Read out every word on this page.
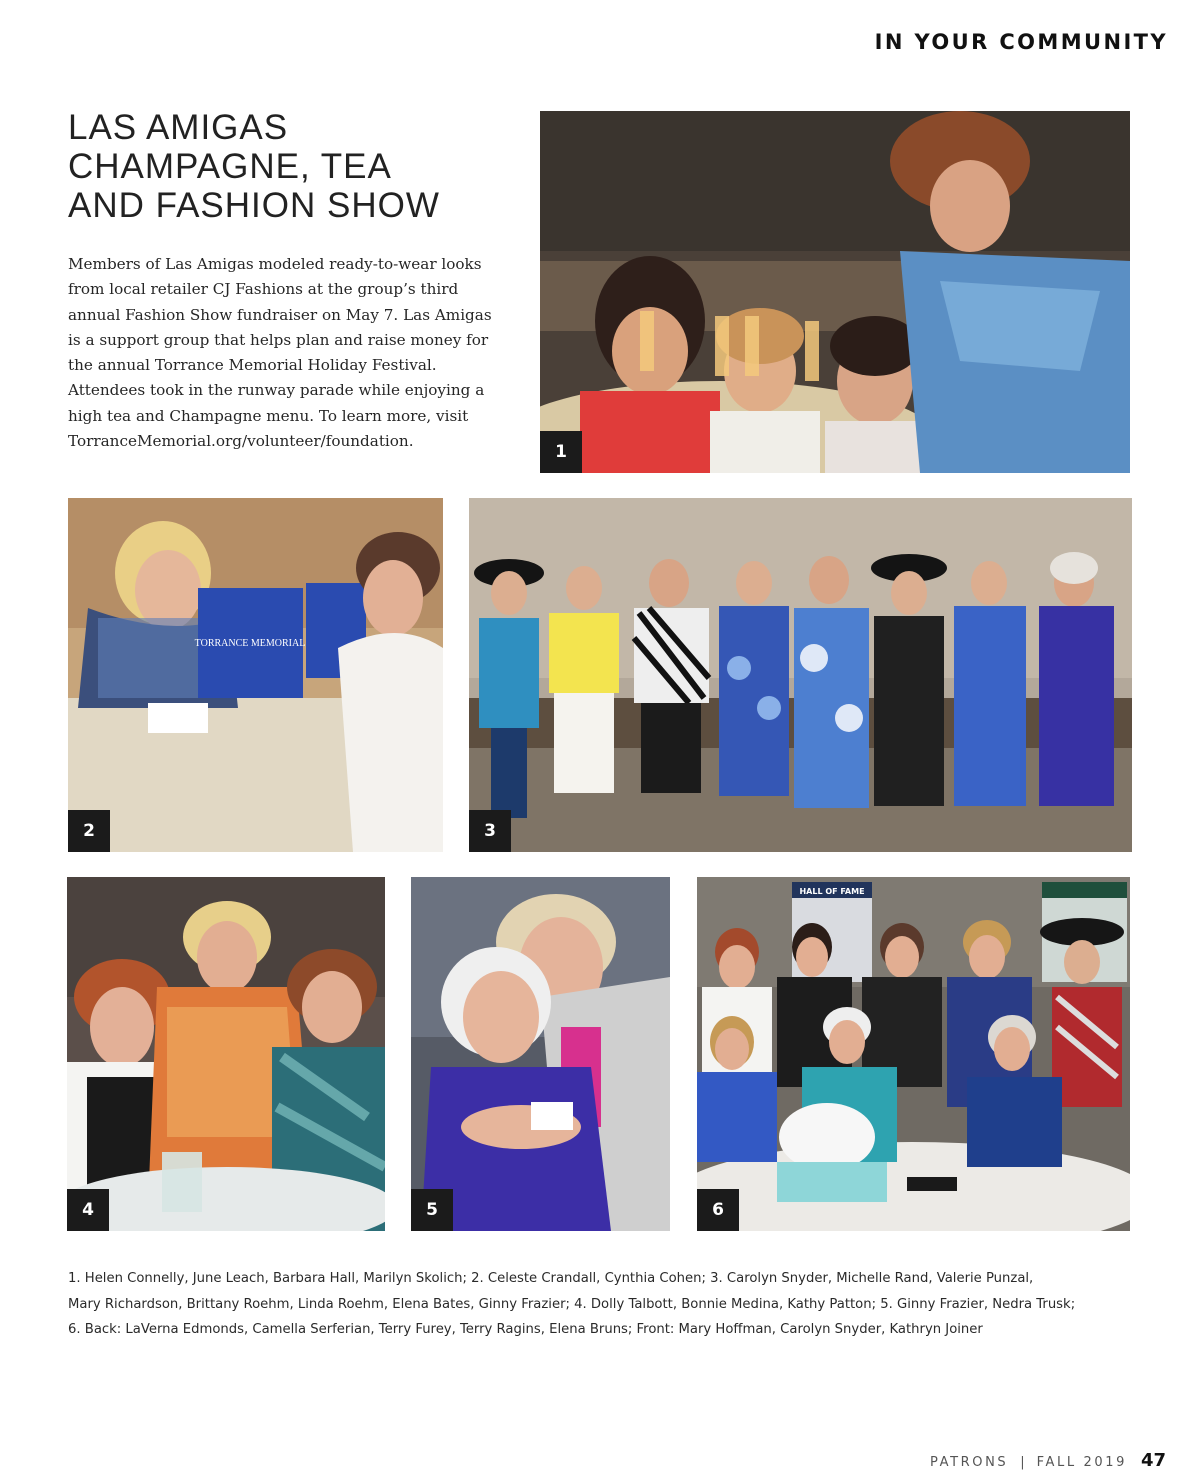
IN YOUR COMMUNITY
LAS AMIGAS
CHAMPAGNE, TEA
AND FASHION SHOW

Members of Las Amigas modeled ready-to-wear looks from local retailer CJ Fashions at the group’s third annual Fashion Show fundraiser on May 7. Las Amigas is a support group that helps plan and raise money for the annual Torrance Memorial Holiday Festival. Attendees took in the runway parade while enjoying a high tea and Champagne menu. To learn more, visit TorranceMemorial.org/volunteer/foundation.

1
TORRANCE MEMORIAL
2	3
4	5
HALL OF FAME
6
1. Helen Connelly, June Leach, Barbara Hall, Marilyn Skolich; 2. Celeste Crandall, Cynthia Cohen; 3. Carolyn Snyder, Michelle Rand, Valerie Punzal,
Mary Richardson, Brittany Roehm, Linda Roehm, Elena Bates, Ginny Frazier; 4. Dolly Talbott, Bonnie Medina, Kathy Patton; 5. Ginny Frazier, Nedra Trusk;
6. Back: LaVerna Edmonds, Camella Serferian, Terry Furey, Terry Ragins, Elena Bruns; Front: Mary Hoffman, Carolyn Snyder, Kathryn Joiner
PATRONS | FALL 2019 47
